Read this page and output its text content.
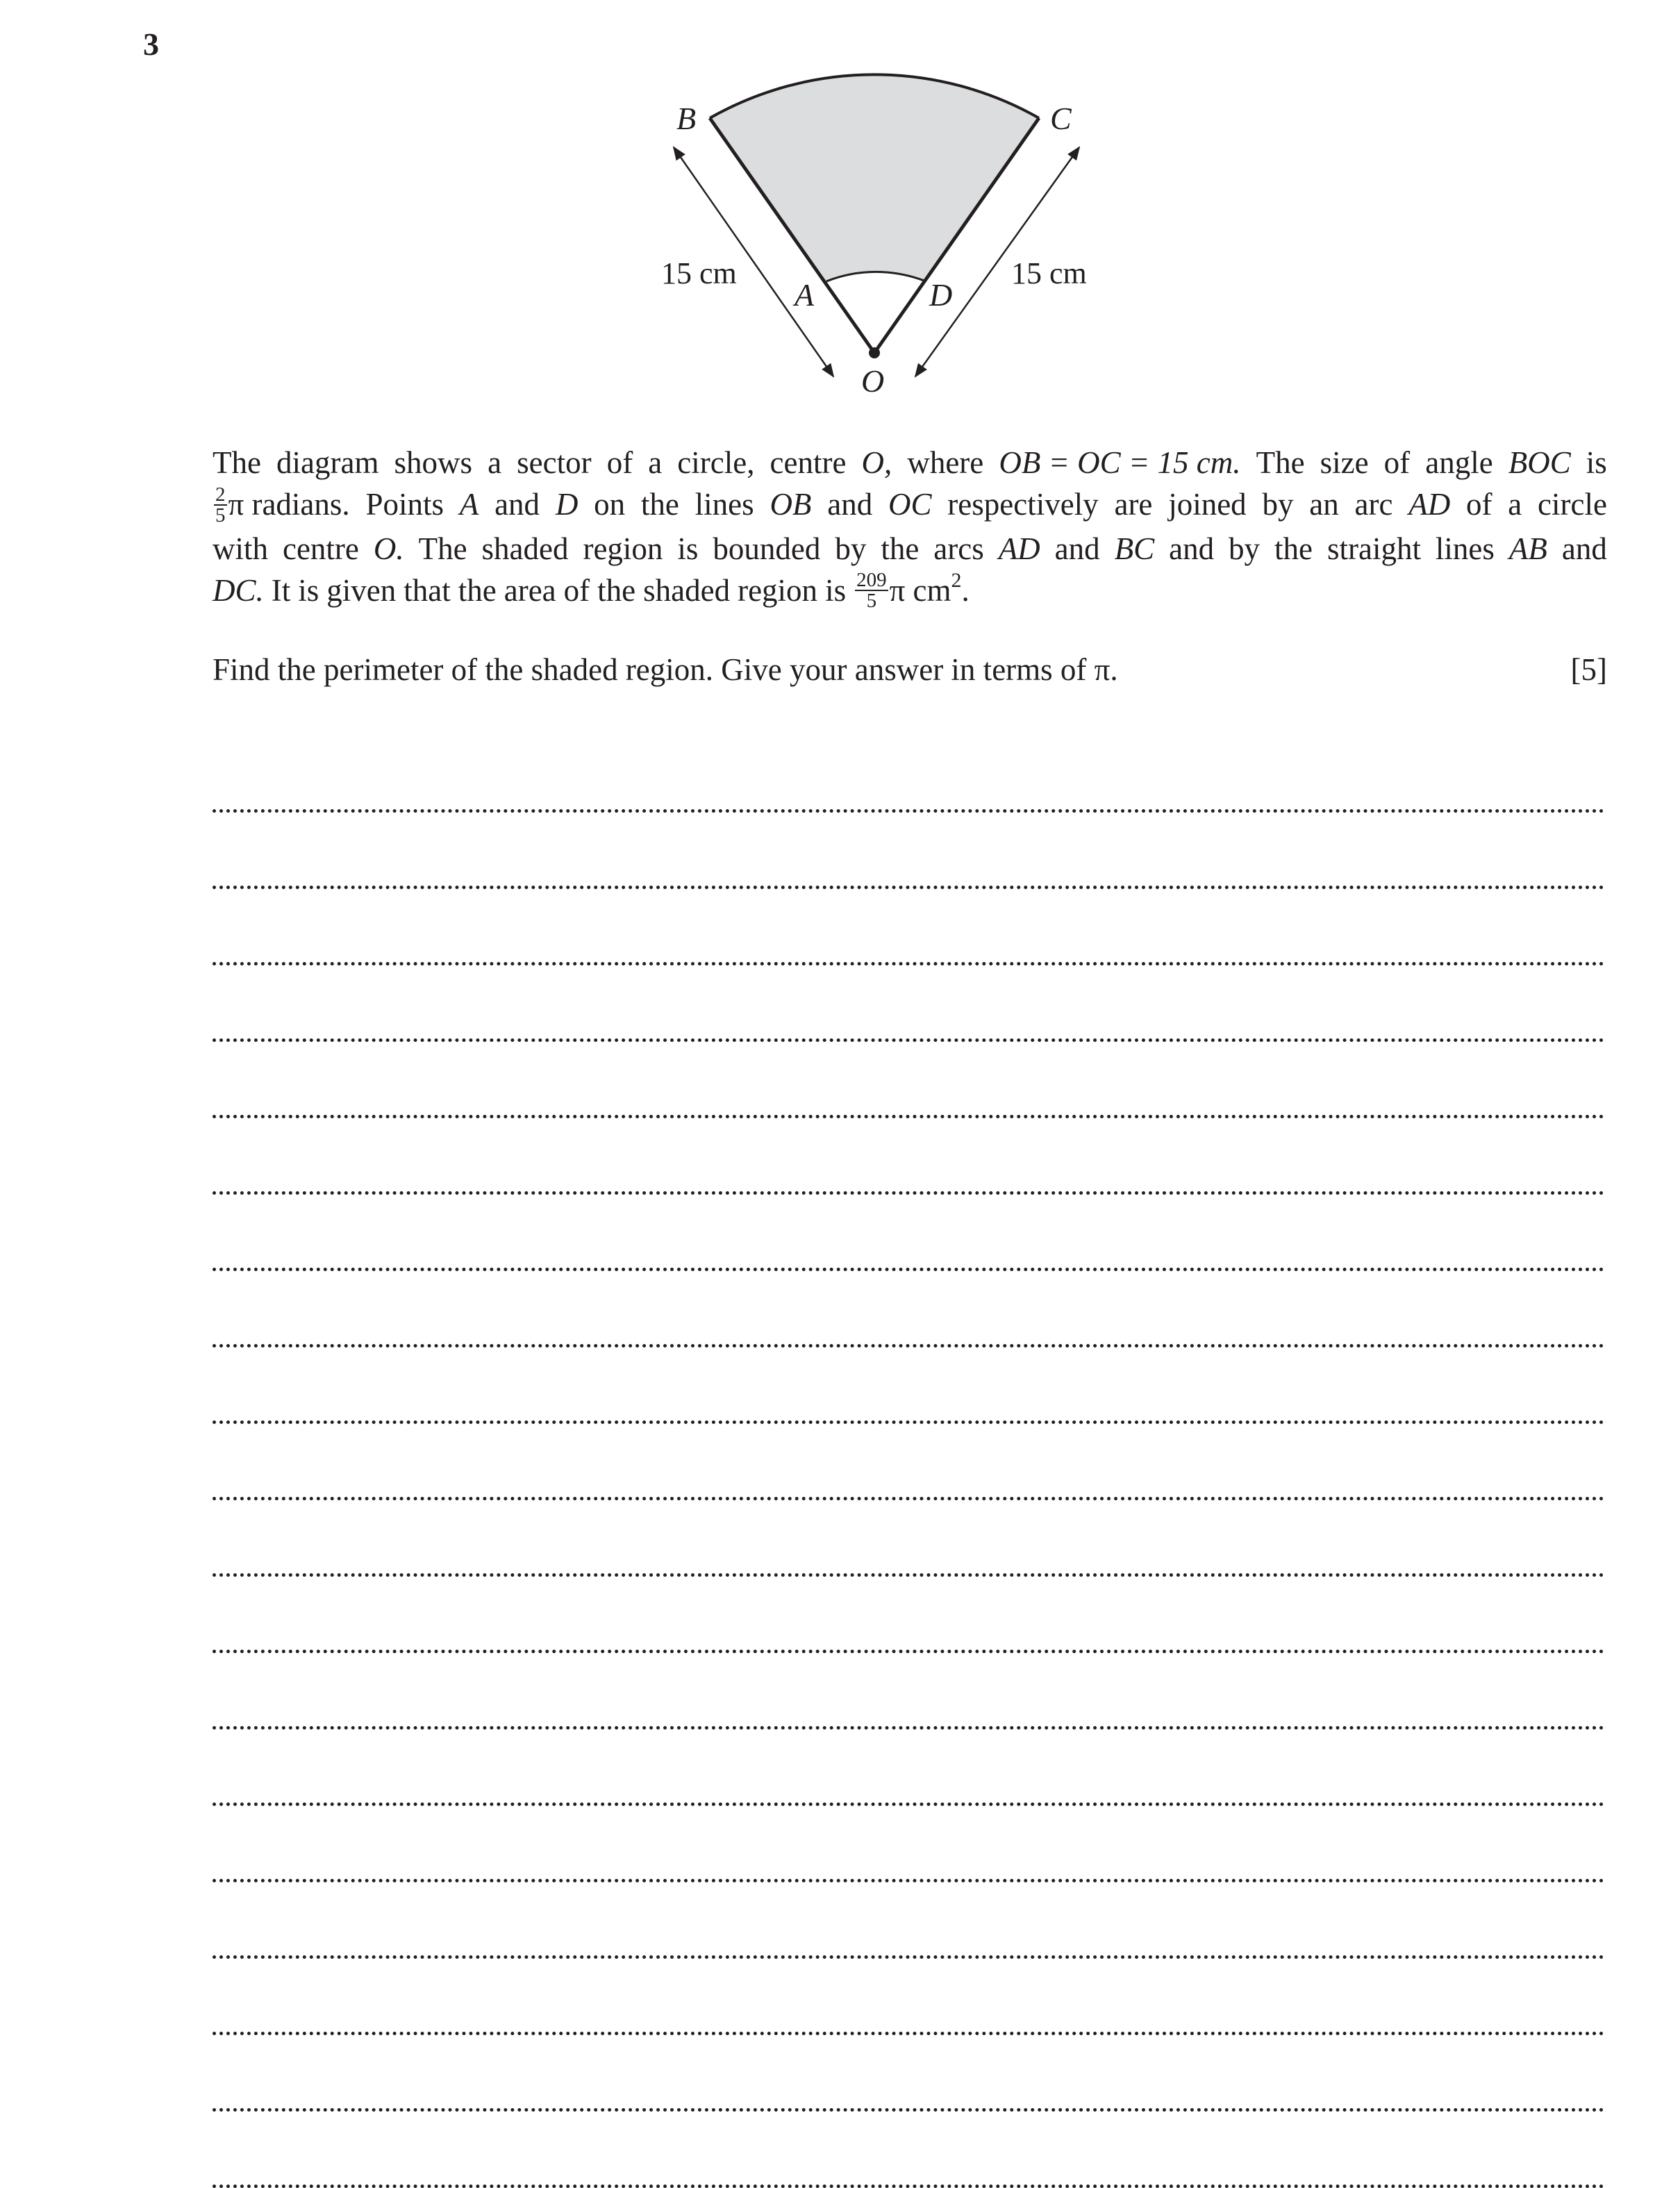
3
B	C
A	D
O
15 cm	15 cm
The diagram shows a sector of a circle, centre O, where OB = OC = 15 cm. The size of angle BOC is
$\frac{2}{5}$ π radians. Points A and D on the lines OB and OC respectively are joined by an arc AD of a circle
with centre O. The shaded region is bounded by the arcs AD and BC and by the straight lines AB and
DC. It is given that the area of the shaded region is $\frac{209}{5}$ π $cm^2$.
Find the perimeter of the shaded region. Give your answer in terms of π.	[5]
